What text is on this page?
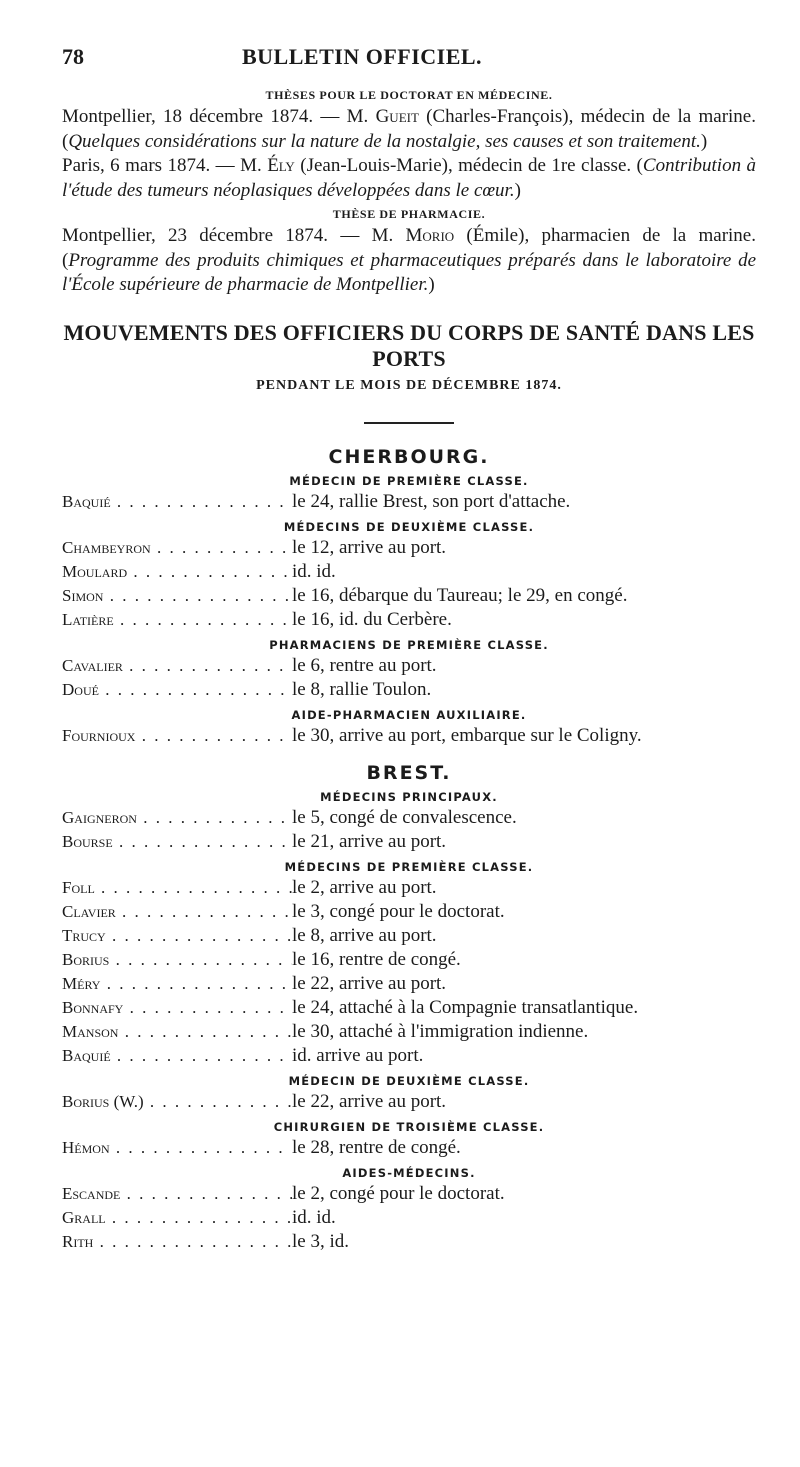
78	BULLETIN OFFICIEL.
THÈSES POUR LE DOCTORAT EN MÉDECINE.

Montpellier, 18 décembre 1874. — M. Gueit (Charles-François), médecin de la marine. (Quelques considérations sur la nature de la nostalgie, ses causes et son traitement.)

Paris, 6 mars 1874. — M. Ély (Jean-Louis-Marie), médecin de 1re classe. (Contribution à l'étude des tumeurs néoplasiques développées dans le cœur.)

THÈSE DE PHARMACIE.

Montpellier, 23 décembre 1874. — M. Morio (Émile), pharmacien de la marine. (Programme des produits chimiques et pharmaceutiques préparés dans le laboratoire de l'École supérieure de pharmacie de Montpellier.)

MOUVEMENTS DES OFFICIERS DU CORPS DE SANTÉ DANS LES PORTS
PENDANT LE MOIS DE DÉCEMBRE 1874.
CHERBOURG.
MÉDECIN DE PREMIÈRE CLASSE.
Baquié . . .	le 24, rallie Brest, son port d'attache.
MÉDECINS DE DEUXIÈME CLASSE.
Chambeyron . . .	le 12, arrive au port.
Moulard . . .	id. id.
Simon . . .	le 16, débarque du Taureau; le 29, en congé.
Latière . . .	le 16, id. du Cerbère.
PHARMACIENS DE PREMIÈRE CLASSE.
Cavalier . . .	le 6, rentre au port.
Doué . . .	le 8, rallie Toulon.
AIDE-PHARMACIEN AUXILIAIRE.
Fournioux . . .	le 30, arrive au port, embarque sur le Coligny.
BREST.
MÉDECINS PRINCIPAUX.
Gaigneron . . .	le 5, congé de convalescence.
Bourse . . .	le 21, arrive au port.
MÉDECINS DE PREMIÈRE CLASSE.
Foll . . .	le 2, arrive au port.
Clavier . . .	le 3, congé pour le doctorat.
Trucy . . .	le 8, arrive au port.
Borius . . .	le 16, rentre de congé.
Méry . . .	le 22, arrive au port.
Bonnafy . . .	le 24, attaché à la Compagnie transatlantique.
Manson . . .	le 30, attaché à l'immigration indienne.
Baquié . . .	id. arrive au port.
MÉDECIN DE DEUXIÈME CLASSE.
Borius (W.) . . .	le 22, arrive au port.
CHIRURGIEN DE TROISIÈME CLASSE.
Hémon . . .	le 28, rentre de congé.
AIDES-MÉDECINS.
Escande . . .	le 2, congé pour le doctorat.
Grall . . .	id. id.
Rith . . .	le 3, id.
